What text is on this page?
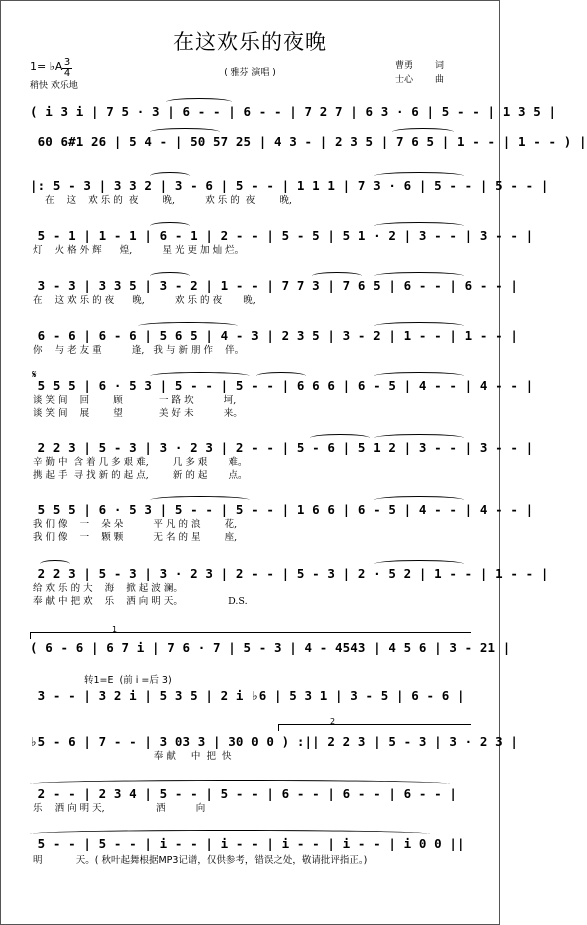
在这欢乐的夜晚
1= ♭A 3
4
稍快 欢乐地
( 雅芬 演唱 )
曹勇 词
士心 曲
( i 3 i | 7 5 · 3 | 6 - - | 6 - - | 7 2 7 | 6 3 · 6 | 5 - - | 1 3 5 |
60 6#1 26 | 5 4 - | 50 57 25 | 4 3 - | 2 3 5 | 7 6 5 | 1 - - | 1 - - ) |
|: 5 - 3 | 3 3 2 | 3 - 6 | 5 - - | 1 1 1 | 7 3 · 6 | 5 - - | 5 - - |
在    这    欢 乐 的  夜        晚,          欢 乐 的  夜        晚,
5 - 1 | 1 - 1 | 6 - 1 | 2 - - | 5 - 5 | 5 1 · 2 | 3 - - | 3 - - |
灯    火 格 外 辉      煌,          星 光 更 加 灿 烂。
3 - 3 | 3 3 5 | 3 - 2 | 1 - - | 7 7 3 | 7 6 5 | 6 - - | 6 - - |
在    这 欢 乐 的 夜      晚,          欢 乐 的 夜       晚,
6 - 6 | 6 - 6 | 5 6 5 | 4 - 3 | 2 3 5 | 3 - 2 | 1 - - | 1 - - |
你    与 老 友 重          逢,   我 与 新 朋 作    伴。
𝄋
5 5 5 | 6 · 5 3 | 5 - - | 5 - - | 6 6 6 | 6 - 5 | 4 - - | 4 - - |
谈 笑 间    回        顾            一 路 坎          坷,
谈 笑 间    展        望            美 好 未          来。
2 2 3 | 5 - 3 | 3 · 2 3 | 2 - - | 5 - 6 | 5 1 2 | 3 - - | 3 - - |
辛 勤 中  含 着 几 多 艰 难,        几 多 艰       难。
携 起 手  寻 找 新 的 起 点,        新 的 起       点。
5 5 5 | 6 · 5 3 | 5 - - | 5 - - | 1 6 6 | 6 - 5 | 4 - - | 4 - - |
我 们 像    一    朵 朵          平 凡 的 浪        花,
我 们 像    一    颗 颗          无 名 的 星        座,
2 2 3 | 5 - 3 | 3 · 2 3 | 2 - - | 5 - 3 | 2 · 5 2 | 1 - - | 1 - - |
给 欢 乐 的 大    海    掀 起 波 澜。
奉 献 中 把 欢    乐    洒 向 明 天。               D.S.
1
( 6 - 6 | 6 7 i | 7 6 · 7 | 5 - 3 | 4 - 4543 | 4 5 6 | 3 - 21 |
转1=E  (前 i =后 3)
3 - - | 3 2 i | 5 3 5 | 2 i ♭6 | 5 3 1 | 3 - 5 | 6 - 6 |
2
♭5 - 6 | 7 - - | 3 03 3 | 30 0 0 ) :|| 2 2 3 | 5 - 3 | 3 · 2 3 |
奉 献     中  把  快
2 - - | 2 3 4 | 5 - - | 5 - - | 6 - - | 6 - - | 6 - - |
乐    洒 向 明 天,                 洒          向
5 - - | 5 - - | i - - | i - - | i - - | i - - | i 0 0 ||
明           天。( 秋叶起舞根据MP3记谱，仅供参考，错误之处，敬请批评指正。)
